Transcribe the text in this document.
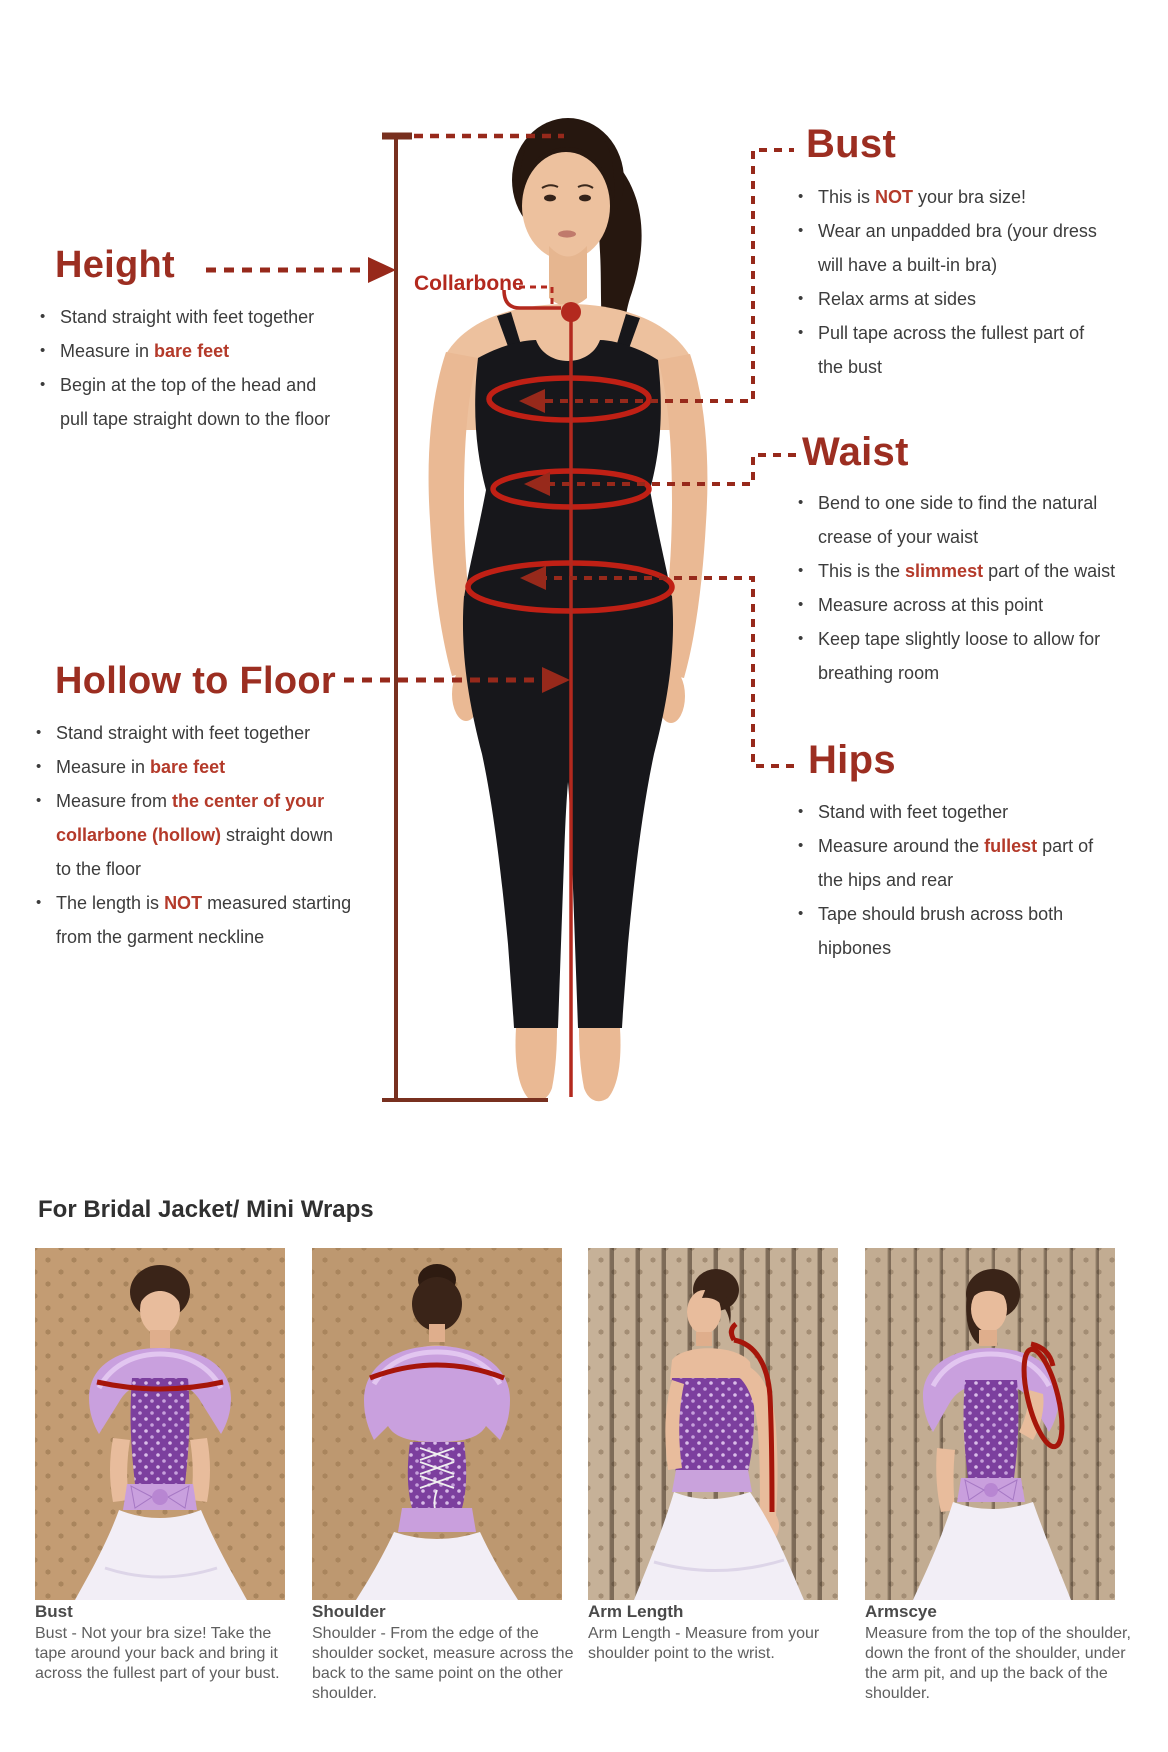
Height
• Stand straight with feet together
• Measure in bare feet
• Begin at the top of the head and
pull tape straight down to the floor
Collarbone
Bust
• This is NOT your bra size!
• Wear an unpadded bra (your dress
will have a built-in bra)
• Relax arms at sides
• Pull tape across the fullest part of
the bust
Waist
• Bend to one side to find the natural
crease of your waist
• This is the slimmest part of the waist
• Measure across at this point
• Keep tape slightly loose to allow for
breathing room
Hollow to Floor
• Stand straight with feet together
• Measure in bare feet
• Measure from the center of your
collarbone (hollow) straight down
to the floor
• The length is NOT measured starting
from the garment neckline
Hips
• Stand with feet together
• Measure around the fullest part of
the hips and rear
• Tape should brush across both
hipbones
For Bridal Jacket/ Mini Wraps
Bust

Bust - Not your bra size! Take the tape around your back and bring it across the fullest part of your bust.

Shoulder

Shoulder - From the edge of the shoulder socket, measure across the back to the same point on the other shoulder.

Arm Length

Arm Length - Measure from your shoulder point to the wrist.

Armscye

Measure from the top of the shoulder, down the front of the shoulder, under the arm pit, and up the back of the shoulder.
